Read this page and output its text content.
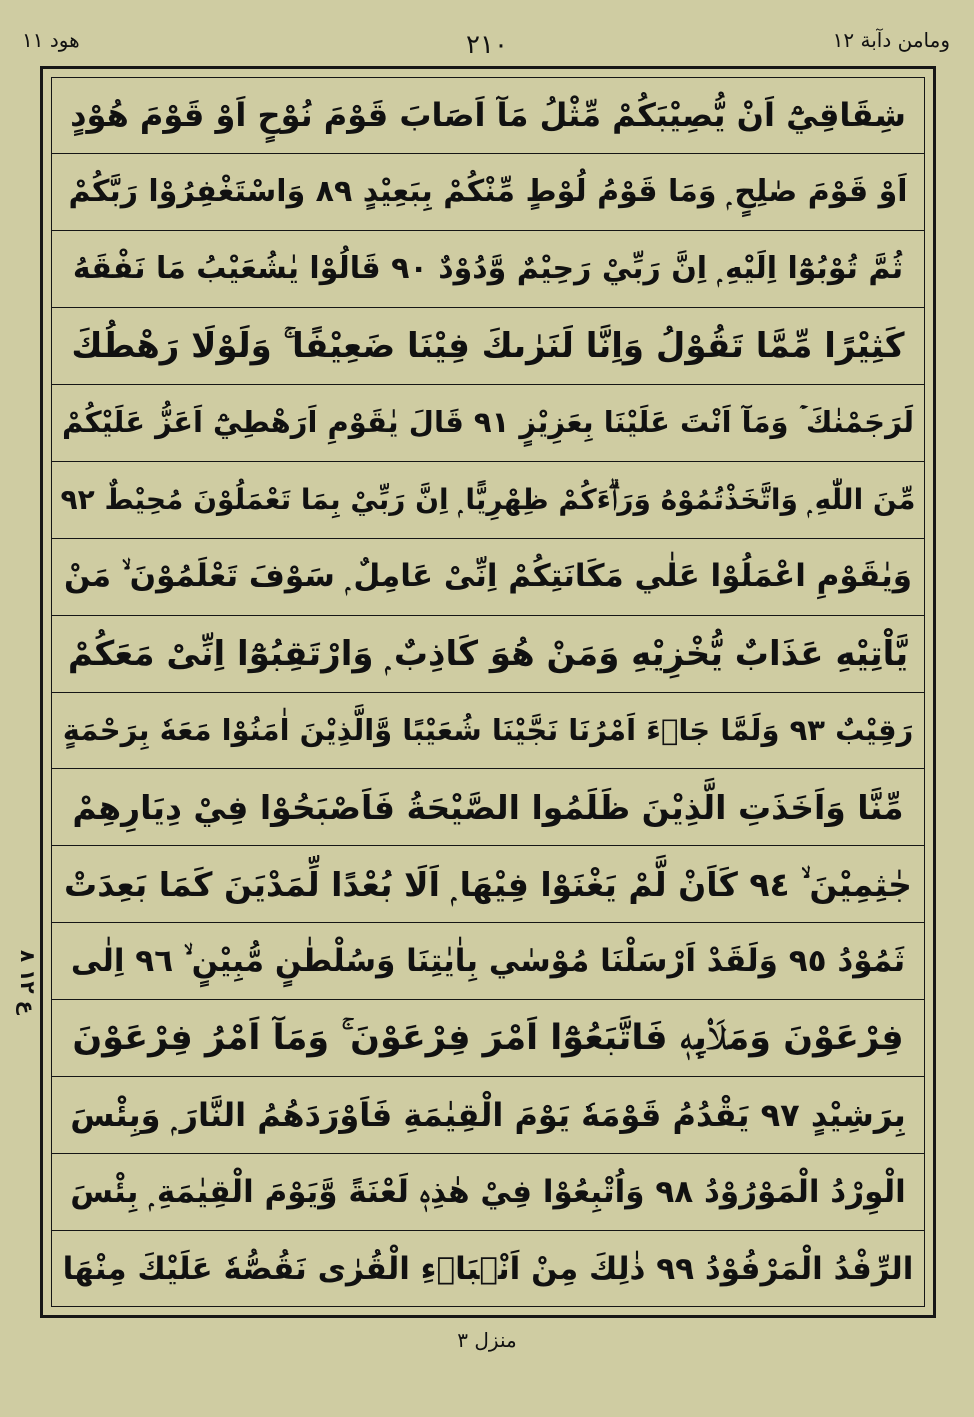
ومامن دآبة ١٢
٢١٠
هود ١١
شِقَاقِيْٓ اَنْ يُّصِيْبَكُمْ مِّثْلُ مَآ اَصَابَ قَوْمَ نُوْحٍ اَوْ قَوْمَ هُوْدٍ
اَوْ قَوْمَ صٰلِحٍ ۭ وَمَا قَوْمُ لُوْطٍ مِّنْكُمْ بِبَعِيْدٍ ٨٩ وَاسْتَغْفِرُوْا رَبَّكُمْ
ثُمَّ تُوْبُوْٓا اِلَيْهِ ۭ اِنَّ رَبِّيْ رَحِيْمٌ وَّدُوْدٌ ٩٠ قَالُوْا يٰشُعَيْبُ مَا نَفْقَهُ
كَثِيْرًا مِّمَّا تَقُوْلُ وَاِنَّا لَنَرٰىكَ فِيْنَا ضَعِيْفًا ۚ وَلَوْلَا رَهْطُكَ
لَرَجَمْنٰكَ ۡ وَمَآ اَنْتَ عَلَيْنَا بِعَزِيْزٍ ٩١ قَالَ يٰقَوْمِ اَرَهْطِيْٓ اَعَزُّ عَلَيْكُمْ
مِّنَ اللّٰهِ ۭ وَاتَّخَذْتُمُوْهُ وَرَاۗءَكُمْ ظِهْرِيًّا ۭ اِنَّ رَبِّيْ بِمَا تَعْمَلُوْنَ مُحِيْطٌ ٩٢
وَيٰقَوْمِ اعْمَلُوْا عَلٰي مَكَانَتِكُمْ اِنِّىْ عَامِلٌ ۭ سَوْفَ تَعْلَمُوْنَ ۙ مَنْ
يَّاْتِيْهِ عَذَابٌ يُّخْزِيْهِ وَمَنْ هُوَ كَاذِبٌ ۭ وَارْتَقِبُوْٓا اِنِّىْ مَعَكُمْ
رَقِيْبٌ ٩٣ وَلَمَّا جَاۗءَ اَمْرُنَا نَجَّيْنَا شُعَيْبًا وَّالَّذِيْنَ اٰمَنُوْا مَعَهٗ بِرَحْمَةٍ
مِّنَّا وَاَخَذَتِ الَّذِيْنَ ظَلَمُوا الصَّيْحَةُ فَاَصْبَحُوْا فِيْ دِيَارِهِمْ
جٰثِمِيْنَ ۙ ٩٤ كَاَنْ لَّمْ يَغْنَوْا فِيْهَا ۭ اَلَا بُعْدًا لِّمَدْيَنَ كَمَا بَعِدَتْ
ثَمُوْدُ ٩٥ وَلَقَدْ اَرْسَلْنَا مُوْسٰي بِاٰيٰتِنَا وَسُلْطٰنٍ مُّبِيْنٍ ۙ ٩٦ اِلٰى
فِرْعَوْنَ وَمَلَا۟ىِٕهٖ فَاتَّبَعُوْٓا اَمْرَ فِرْعَوْنَ ۚ وَمَآ اَمْرُ فِرْعَوْنَ
بِرَشِيْدٍ ٩٧ يَقْدُمُ قَوْمَهٗ يَوْمَ الْقِيٰمَةِ فَاَوْرَدَهُمُ النَّارَ ۭ وَبِئْسَ
الْوِرْدُ الْمَوْرُوْدُ ٩٨ وَاُتْبِعُوْا فِيْ هٰذِهٖ لَعْنَةً وَّيَوْمَ الْقِيٰمَةِ ۭ بِئْسَ
الرِّفْدُ الْمَرْفُوْدُ ٩٩ ذٰلِكَ مِنْ اَنْۢبَاۗءِ الْقُرٰى نَقُصُّهٗ عَلَيْكَ مِنْهَا
ع ١٢ ٨
منزل ٣
